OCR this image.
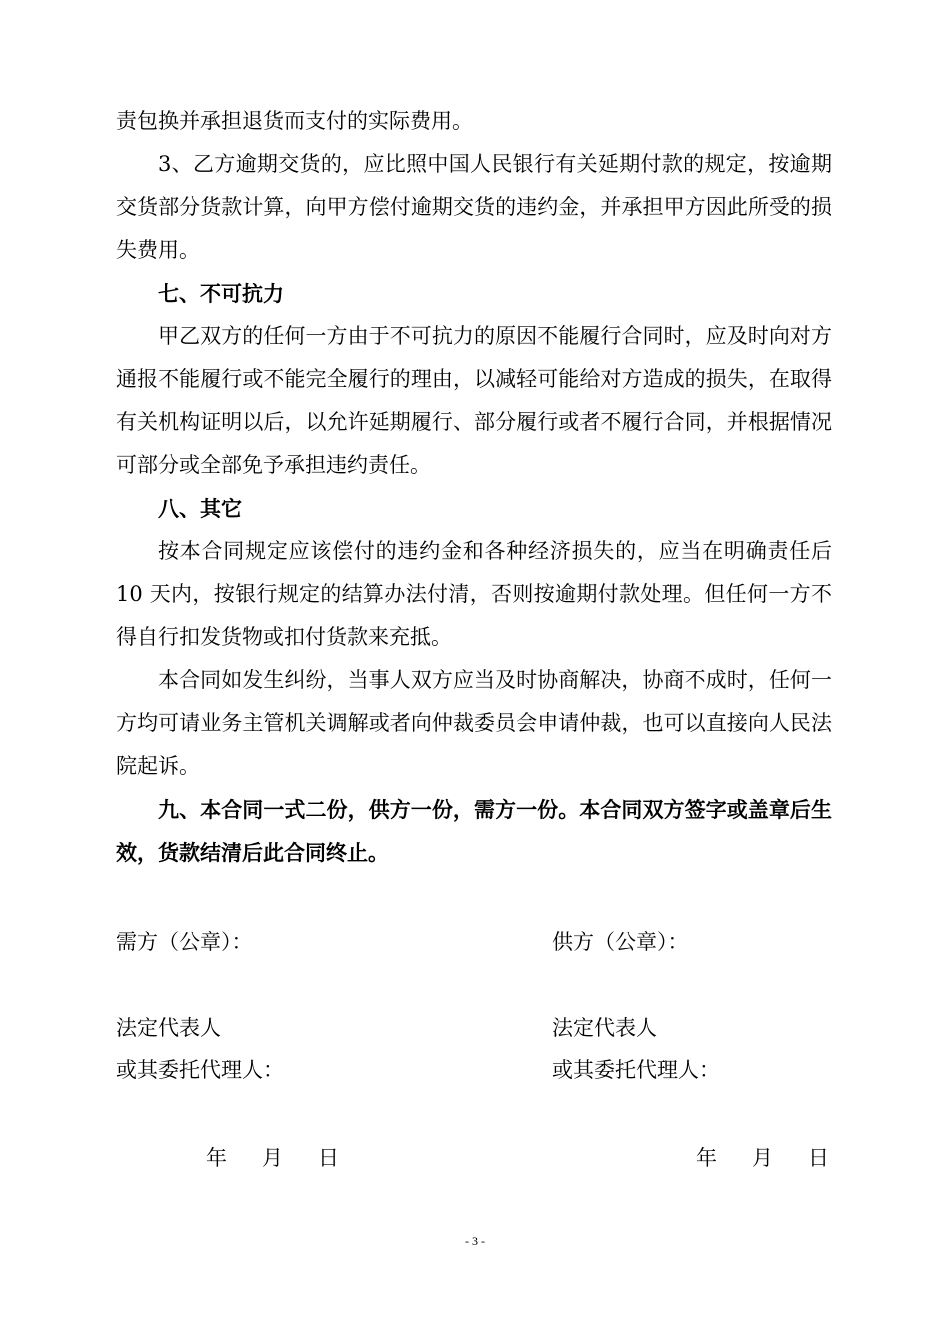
责包换并承担退货而支付的实际费用。

3、乙方逾期交货的，应比照中国人民银行有关延期付款的规定，按逾期交货部分货款计算，向甲方偿付逾期交货的违约金，并承担甲方因此所受的损失费用。

七、不可抗力

甲乙双方的任何一方由于不可抗力的原因不能履行合同时，应及时向对方通报不能履行或不能完全履行的理由，以减轻可能给对方造成的损失，在取得有关机构证明以后，以允许延期履行、部分履行或者不履行合同，并根据情况可部分或全部免予承担违约责任。

八、其它

按本合同规定应该偿付的违约金和各种经济损失的，应当在明确责任后 10 天内，按银行规定的结算办法付清，否则按逾期付款处理。但任何一方不得自行扣发货物或扣付货款来充抵。

本合同如发生纠纷，当事人双方应当及时协商解决，协商不成时，任何一方均可请业务主管机关调解或者向仲裁委员会申请仲裁，也可以直接向人民法院起诉。

九、本合同一式二份，供方一份，需方一份。本合同双方签字或盖章后生效，货款结清后此合同终止。

需方（公章）：
法定代表人
或其委托代理人：
年 月 日
供方（公章）：
法定代表人
或其委托代理人：
年 月 日
- 3 -
